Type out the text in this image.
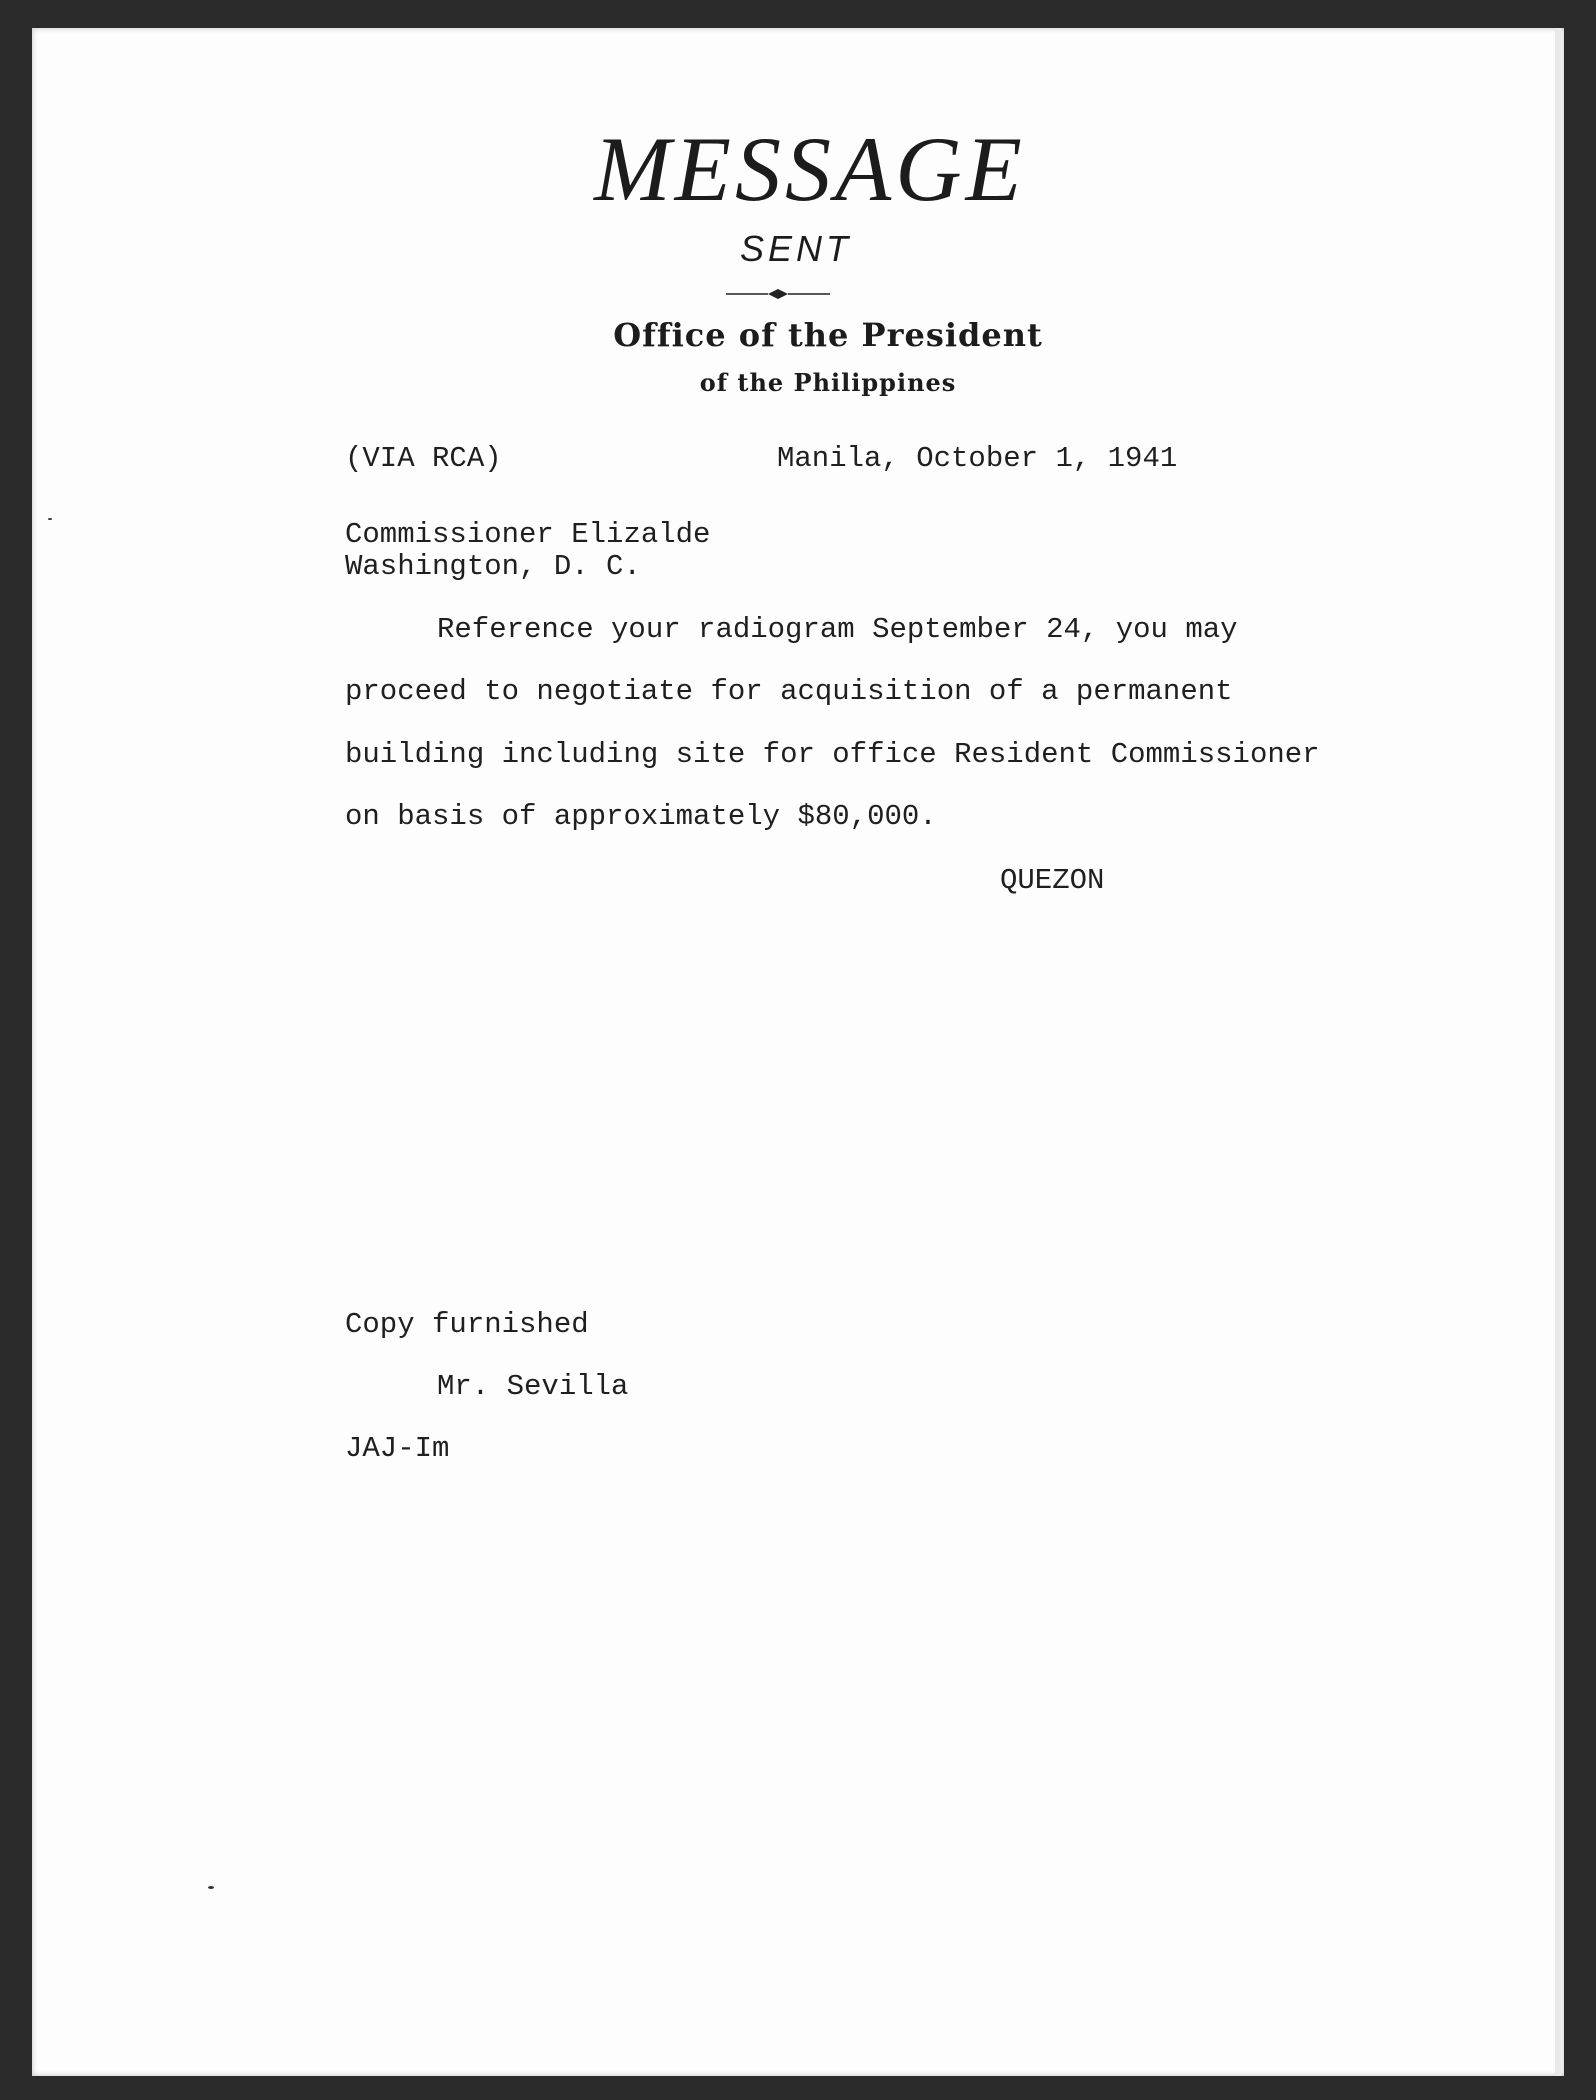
MESSAGE
SENT
Office of the President
of the Philippines
(VIA RCA)	Manila, October 1, 1941
Commissioner Elizalde
Washington, D. C.
Reference your radiogram September 24, you may
proceed to negotiate for acquisition of a permanent
building including site for office Resident Commissioner
on basis of approximately $80,000.
QUEZON
Copy furnished
Mr. Sevilla
JAJ-Im
